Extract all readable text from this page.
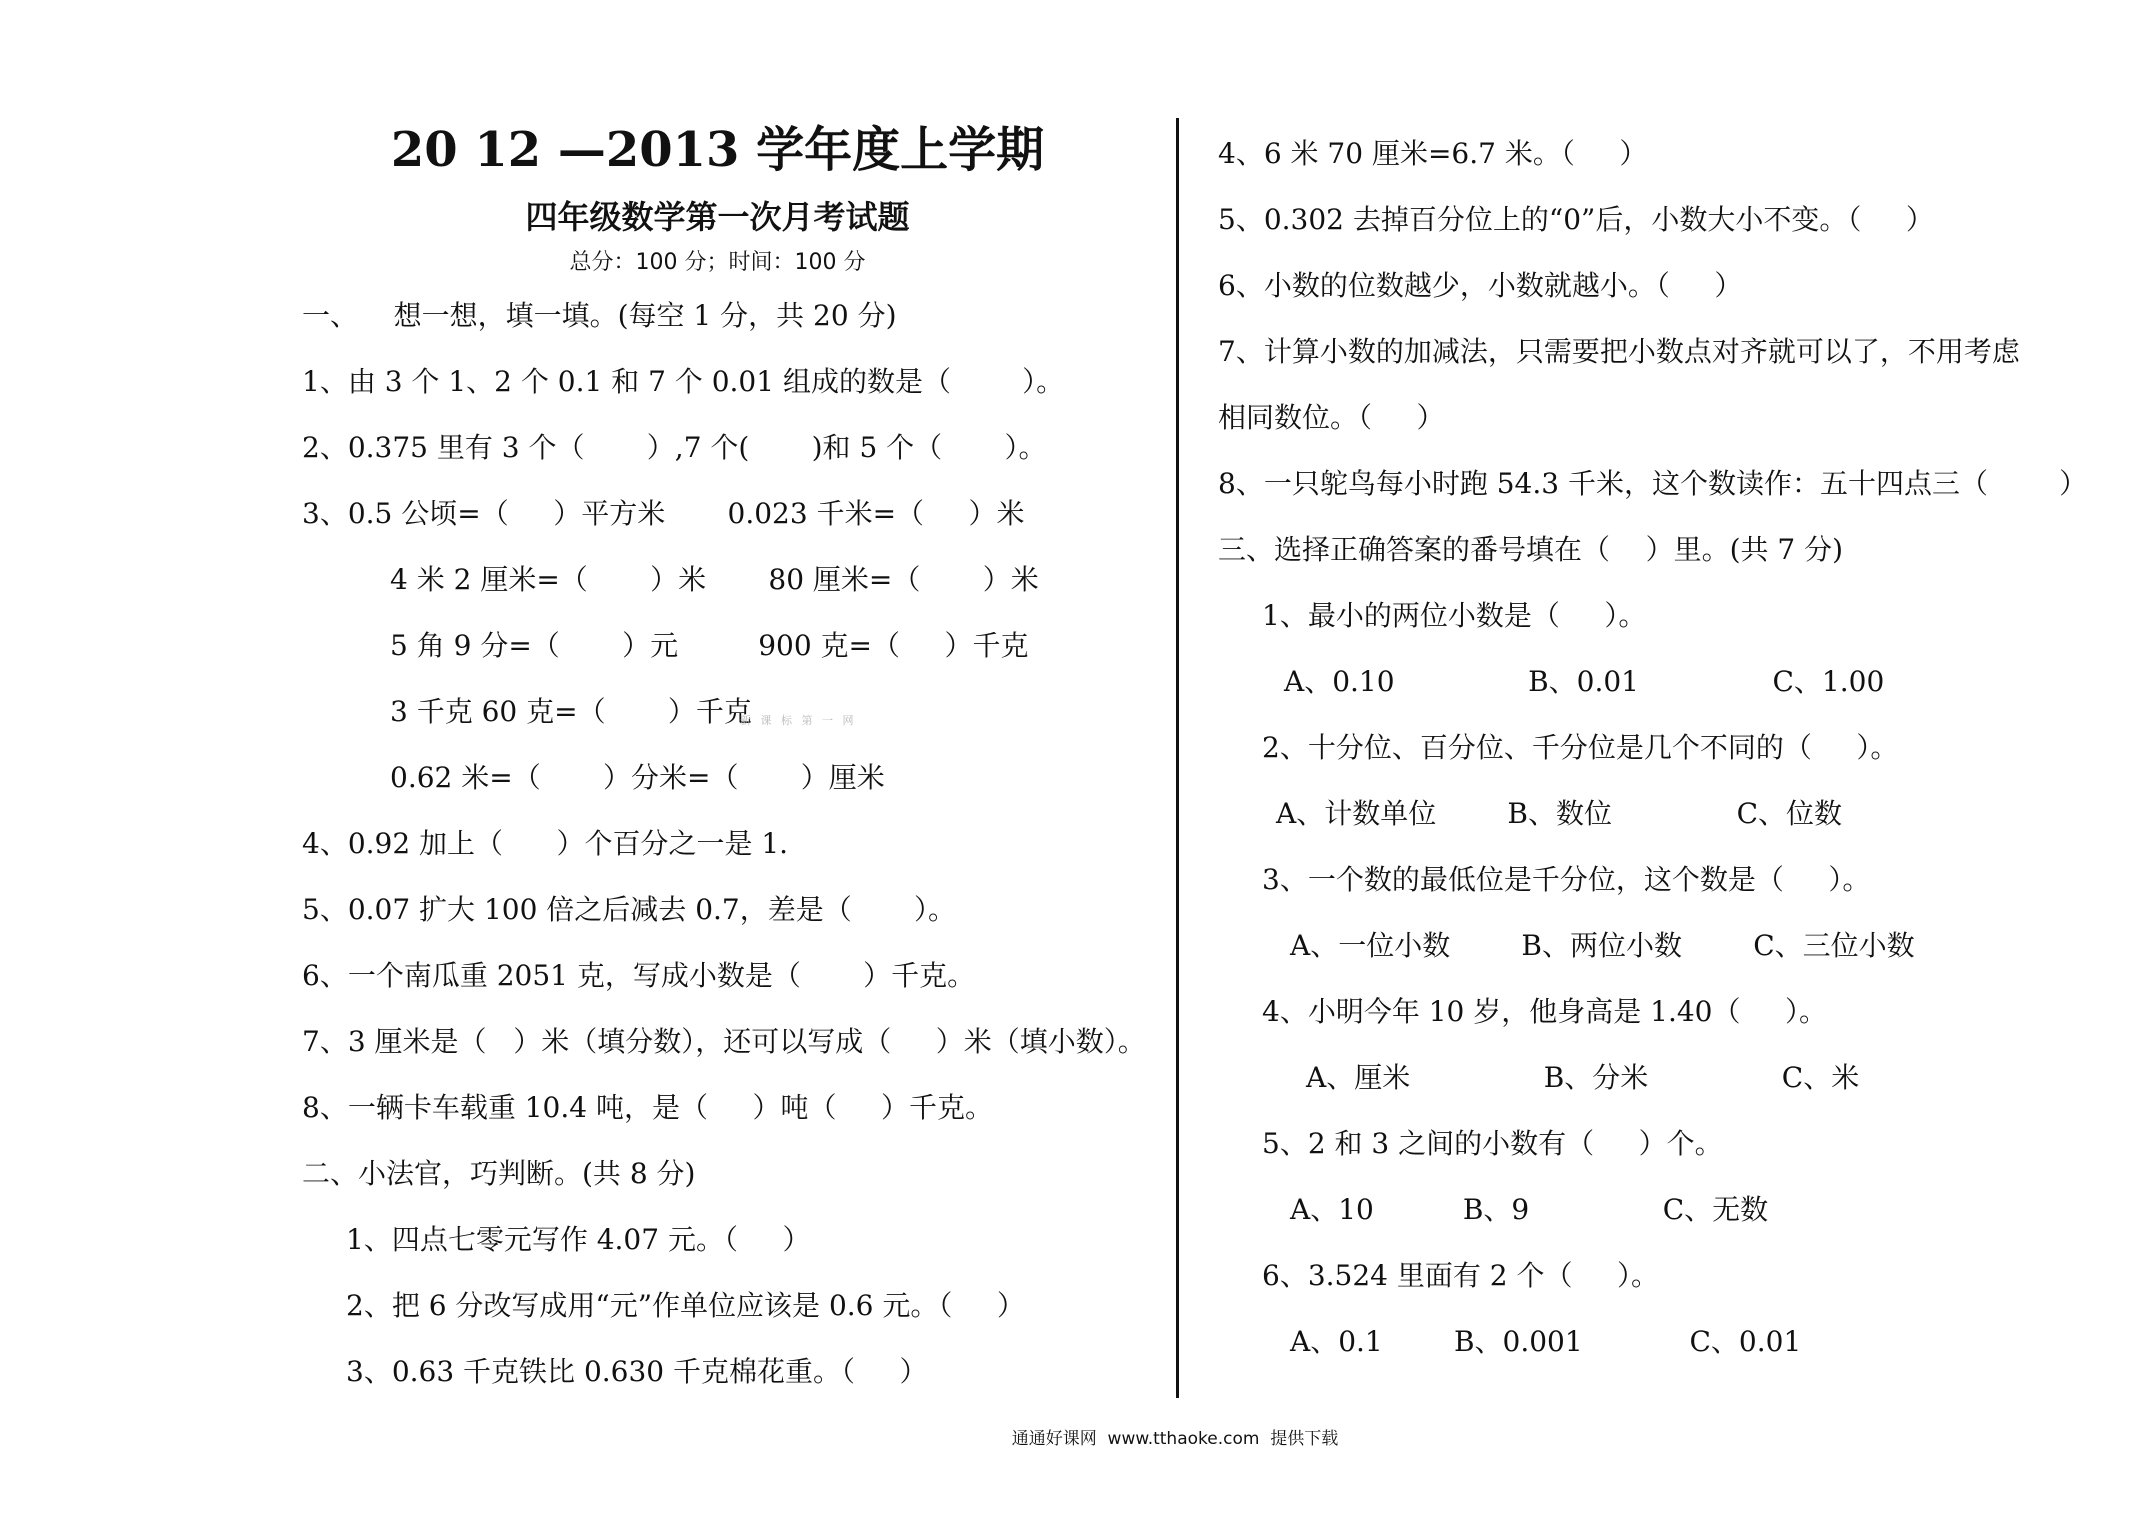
20 12 —2013 学年度上学期
四年级数学第一次月考试题
总分：100 分；时间：100 分
一、    想一想，填一填。(每空 1 分，共 20 分)
1、由 3 个 1、2 个 0.1 和 7 个 0.01 组成的数是（        ）。
2、0.375 里有 3 个（       ）,7 个(       )和 5 个（       ）。
3、0.5 公顷=（     ）平方米       0.023 千米=（     ）米
4 米 2 厘米=（       ）米       80 厘米=（       ）米
5 角 9 分=（       ）元         900 克=（     ）千克
3 千克 60 克=（       ）千克
新 课 标 第 一 网
0.62 米=（       ）分米=（       ）厘米
4、0.92 加上（      ）个百分之一是 1.
5、0.07 扩大 100 倍之后减去 0.7，差是（       ）。
6、一个南瓜重 2051 克，写成小数是（       ）千克。
7、3 厘米是（   ）米（填分数），还可以写成（     ）米（填小数）。
8、一辆卡车载重 10.4 吨，是（     ）吨（     ）千克。
二、小法官，巧判断。(共 8 分)
1、四点七零元写作 4.07 元。（     ）
2、把 6 分改写成用“元”作单位应该是 0.6 元。（     ）
3、0.63 千克铁比 0.630 千克棉花重。（     ）
4、6 米 70 厘米=6.7 米。（     ）
5、0.302 去掉百分位上的“0”后，小数大小不变。（     ）
6、小数的位数越少，小数就越小。（     ）
7、计算小数的加减法，只需要把小数点对齐就可以了，不用考虑
相同数位。（     ）
8、一只鸵鸟每小时跑 54.3 千米，这个数读作：五十四点三（        ）
三、选择正确答案的番号填在（    ）里。(共 7 分)
1、最小的两位小数是（     ）。
A、0.10               B、0.01               C、1.00
2、十分位、百分位、千分位是几个不同的（     ）。
A、计数单位        B、数位              C、位数
3、一个数的最低位是千分位，这个数是（     ）。
A、一位小数        B、两位小数        C、三位小数
4、小明今年 10 岁，他身高是 1.40（     ）。
A、厘米               B、分米               C、米
5、2 和 3 之间的小数有（     ）个。
A、10          B、9               C、无数
6、3.524 里面有 2 个（     ）。
A、0.1        B、0.001            C、0.01
通通好课网  www.tthaoke.com  提供下载
